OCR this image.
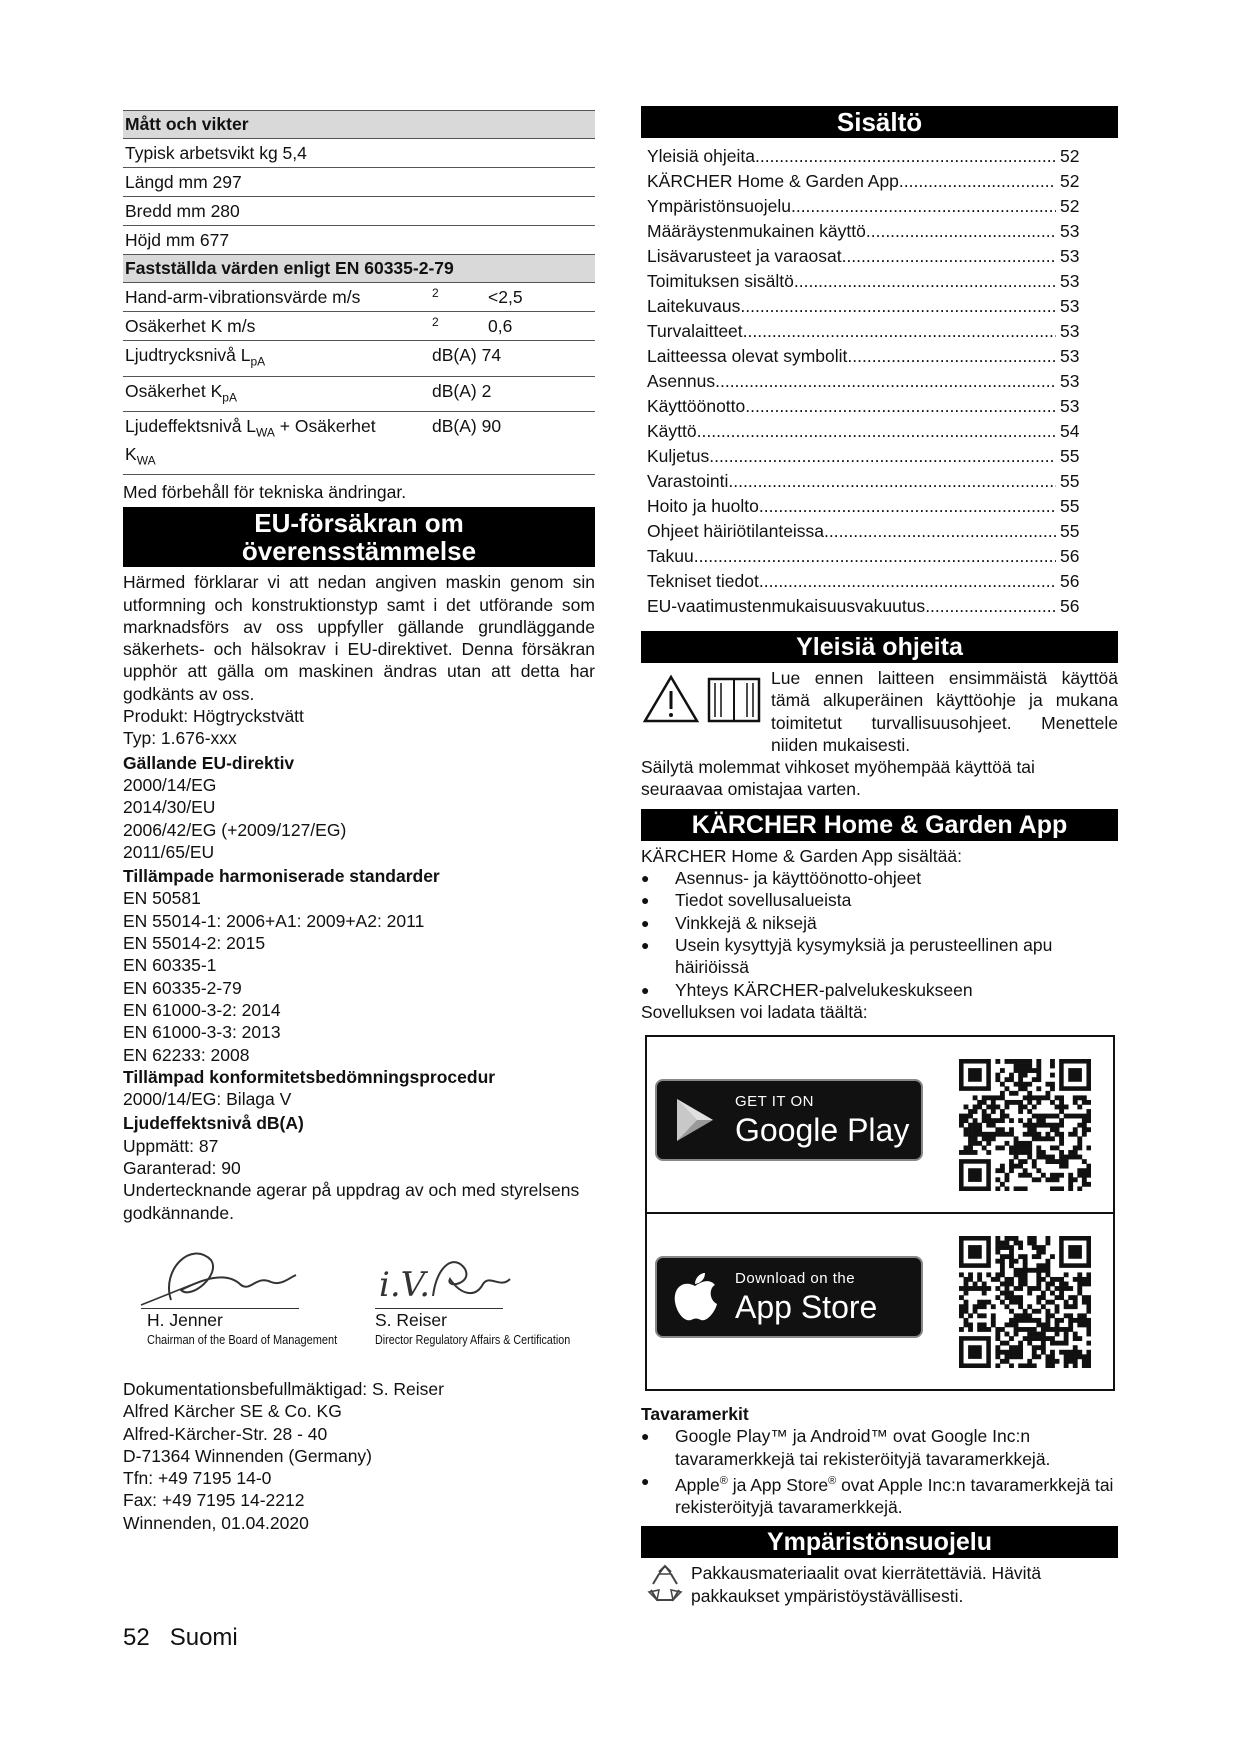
Mått och vikter		
Typisk arbetsvikt kg 5,4		
Längd mm 297		
Bredd mm 280		
Höjd mm 677		
Fastställda värden enligt EN 60335-2-79		
Hand-arm-vibrationsvärde m/s	$^2$	<2,5
Osäkerhet K m/s	$^2$	0,6
Ljudtrycksnivå $L_{pA}$	dB(A) 74	
Osäkerhet $K_{pA}$	dB(A) 2	
Ljudeffektsnivå $L_{WA}$ + Osäkerhet
$K_{WA}$	dB(A) 90	

Med förbehåll för tekniska ändringar.

EU-försäkran om
överensstämmelse

Härmed förklarar vi att nedan angiven maskin genom sin utformning och konstruktionstyp samt i det utförande som marknadsförs av oss uppfyller gällande grundläggande säkerhets- och hälsokrav i EU-direktivet. Denna försäkran upphör att gälla om maskinen ändras utan att detta har godkänts av oss.

Produkt: Högtryckstvätt

Typ: 1.676-xxx

Gällande EU-direktiv

2000/14/EG

2014/30/EU

2006/42/EG (+2009/127/EG)

2011/65/EU

Tillämpade harmoniserade standarder

EN 50581

EN 55014-1: 2006+A1: 2009+A2: 2011

EN 55014-2: 2015

EN 60335-1

EN 60335-2-79

EN 61000-3-2: 2014

EN 61000-3-3: 2013

EN 62233: 2008

Tillämpad konformitetsbedömningsprocedur

2000/14/EG: Bilaga V

Ljudeffektsnivå dB(A)

Uppmätt: 87

Garanterad: 90

Undertecknande agerar på uppdrag av och med styrelsens godkännande.

i.V.
H. Jenner
Chairman of the Board of Management
S. Reiser
Director Regulatory Affairs & Certification

Dokumentationsbefullmäktigad: S. Reiser

Alfred Kärcher SE & Co. KG

Alfred-Kärcher-Str. 28 - 40

D-71364 Winnenden (Germany)

Tfn: +49 7195 14-0

Fax: +49 7195 14-2212

Winnenden, 01.04.2020

Sisältö
Yleisiä ohjeita .....	52
KÄRCHER Home & Garden App .....	52
Ympäristönsuojelu .....	52
Määräystenmukainen käyttö .....	53
Lisävarusteet ja varaosat .....	53
Toimituksen sisältö .....	53
Laitekuvaus .....	53
Turvalaitteet .....	53
Laitteessa olevat symbolit .....	53
Asennus .....	53
Käyttöönotto .....	53
Käyttö .....	54
Kuljetus .....	55
Varastointi .....	55
Hoito ja huolto .....	55
Ohjeet häiriötilanteissa .....	55
Takuu .....	56
Tekniset tiedot .....	56
EU-vaatimustenmukaisuusvakuutus .....	56
Yleisiä ohjeita

Lue ennen laitteen ensimmäistä käyttöä tämä alkuperäinen käyttöohje ja mukana toimitetut turvallisuusohjeet. Menettele niiden mukaisesti.

Säilytä molemmat vihkoset myöhempää käyttöä tai seuraavaa omistajaa varten.

KÄRCHER Home & Garden App

KÄRCHER Home & Garden App sisältää:

● Asennus- ja käyttöönotto-ohjeet
● Tiedot sovellusalueista
● Vinkkejä & niksejä
● Usein kysyttyjä kysymyksiä ja perusteellinen apu häiriöissä
● Yhteys KÄRCHER-palvelukeskukseen

Sovelluksen voi ladata täältä:

GET IT ON
Google Play
Download on the
App Store

Tavaramerkit

● Google Play™ ja Android™ ovat Google Inc:n tavaramerkkejä tai rekisteröityjä tavaramerkkejä.
● Apple® ja App Store® ovat Apple Inc:n tavaramerkkejä tai rekisteröityjä tavaramerkkejä.
Ympäristönsuojelu

Pakkausmateriaalit ovat kierrätettäviä. Hävitä pakkaukset ympäristöystävällisesti.

52 Suomi
